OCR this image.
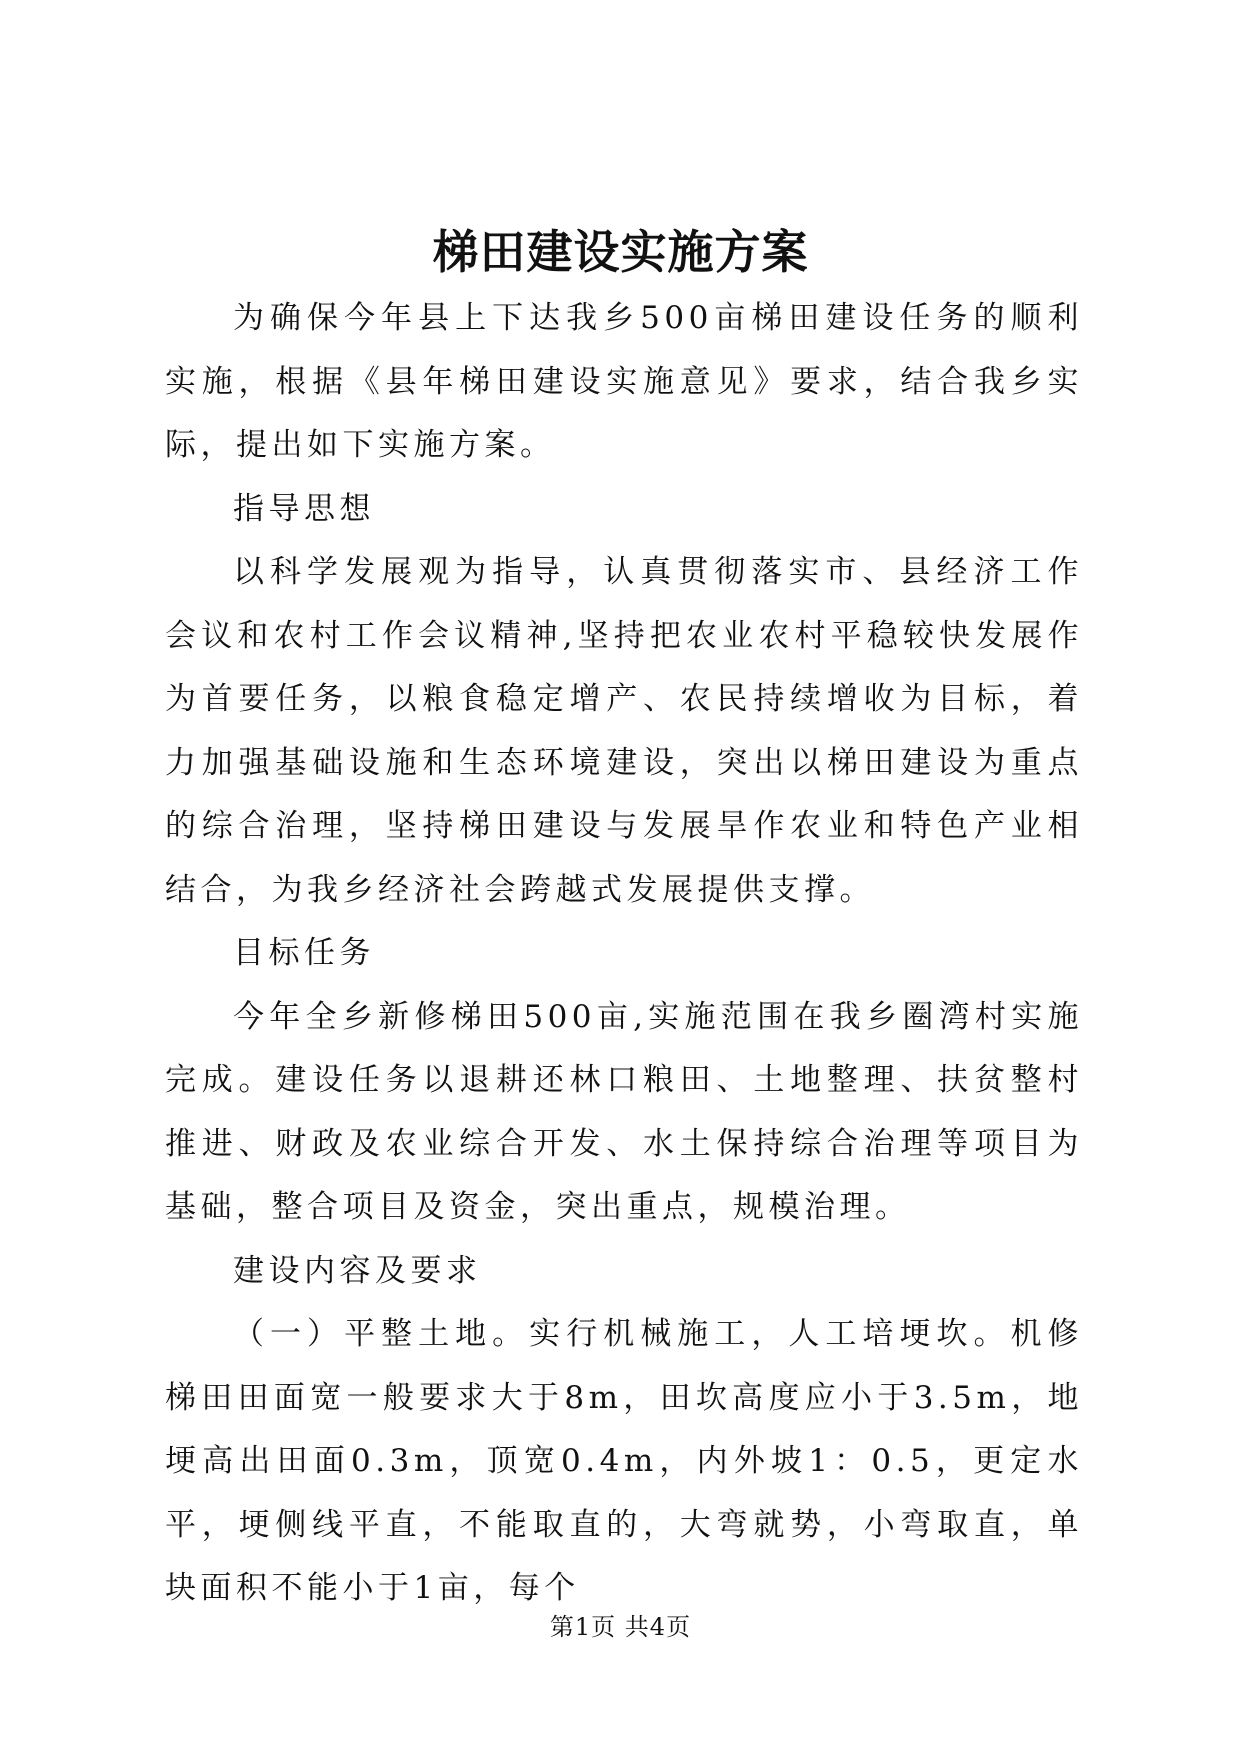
梯田建设实施方案

为确保今年县上下达我乡500亩梯田建设任务的顺利实施，根据《县年梯田建设实施意见》要求，结合我乡实际，提出如下实施方案。

指导思想

以科学发展观为指导，认真贯彻落实市、县经济工作会议和农村工作会议精神,坚持把农业农村平稳较快发展作为首要任务，以粮食稳定增产、农民持续增收为目标，着力加强基础设施和生态环境建设，突出以梯田建设为重点的综合治理，坚持梯田建设与发展旱作农业和特色产业相结合，为我乡经济社会跨越式发展提供支撑。

目标任务

今年全乡新修梯田500亩,实施范围在我乡圈湾村实施完成。建设任务以退耕还林口粮田、土地整理、扶贫整村推进、财政及农业综合开发、水土保持综合治理等项目为基础，整合项目及资金，突出重点，规模治理。

建设内容及要求

（一）平整土地。实行机械施工，人工培埂坎。机修梯田田面宽一般要求大于8m，田坎高度应小于3.5m，地埂高出田面0.3m，顶宽0.4m，内外坡1：0.5，更定水平，埂侧线平直，不能取直的，大弯就势，小弯取直，单块面积不能小于1亩，每个

第1页 共4页
